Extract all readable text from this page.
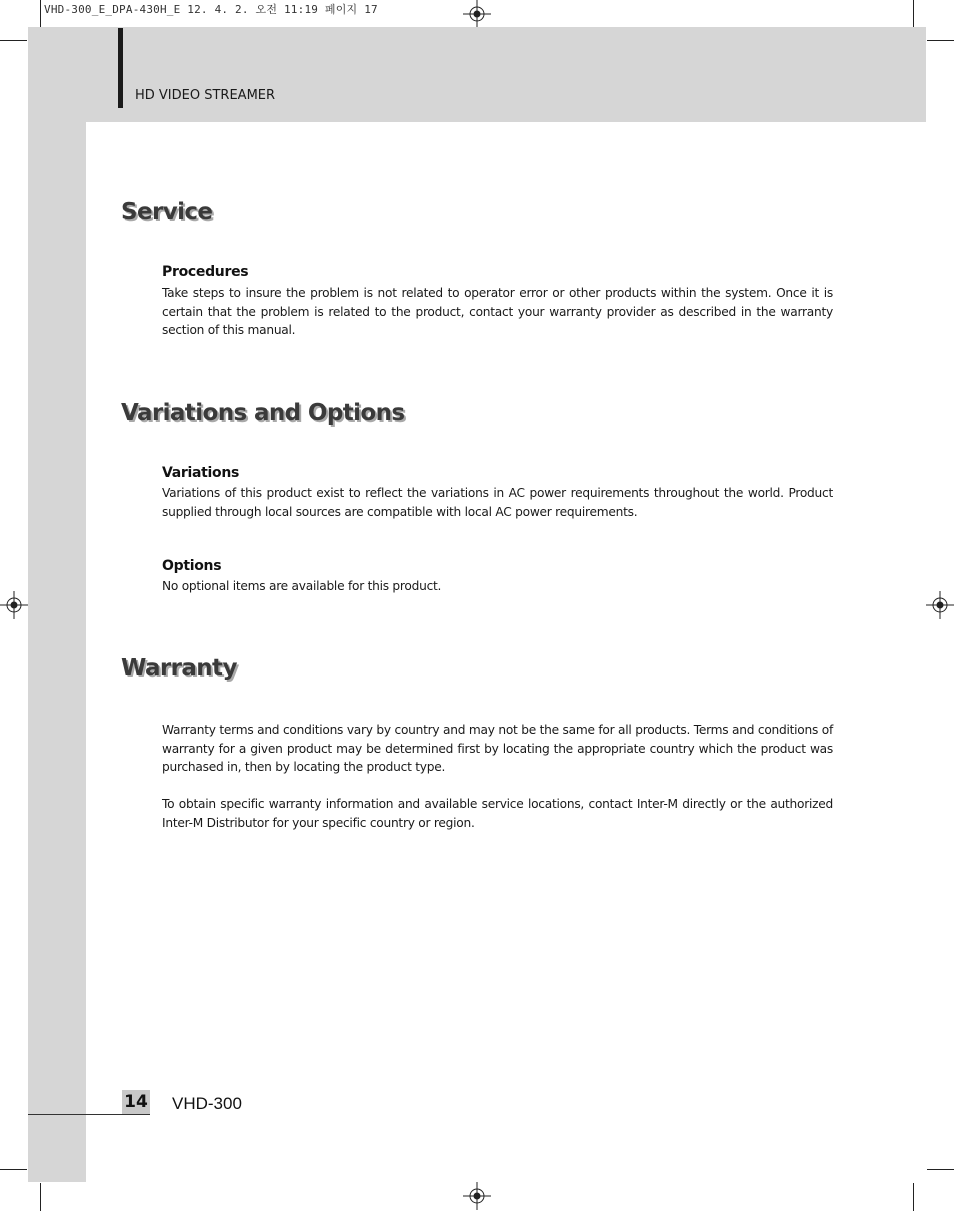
VHD-300_E_DPA-430H_E 12. 4. 2. 오전 11:19 페이지 17
HD VIDEO STREAMER
Service
Procedures

Take steps to insure the problem is not related to operator error or other products within the system. Once it is certain that the problem is related to the product, contact your warranty provider as described in the warranty section of this manual.

Variations and Options
Variations

Variations of this product exist to reflect the variations in AC power requirements throughout the world. Product supplied through local sources are compatible with local AC power requirements.

Options

No optional items are available for this product.

Warranty

Warranty terms and conditions vary by country and may not be the same for all products. Terms and conditions of warranty for a given product may be determined first by locating the appropriate country which the product was purchased in, then by locating the product type.

To obtain specific warranty information and available service locations, contact Inter-M directly or the authorized Inter-M Distributor for your specific country or region.

14 VHD-300
